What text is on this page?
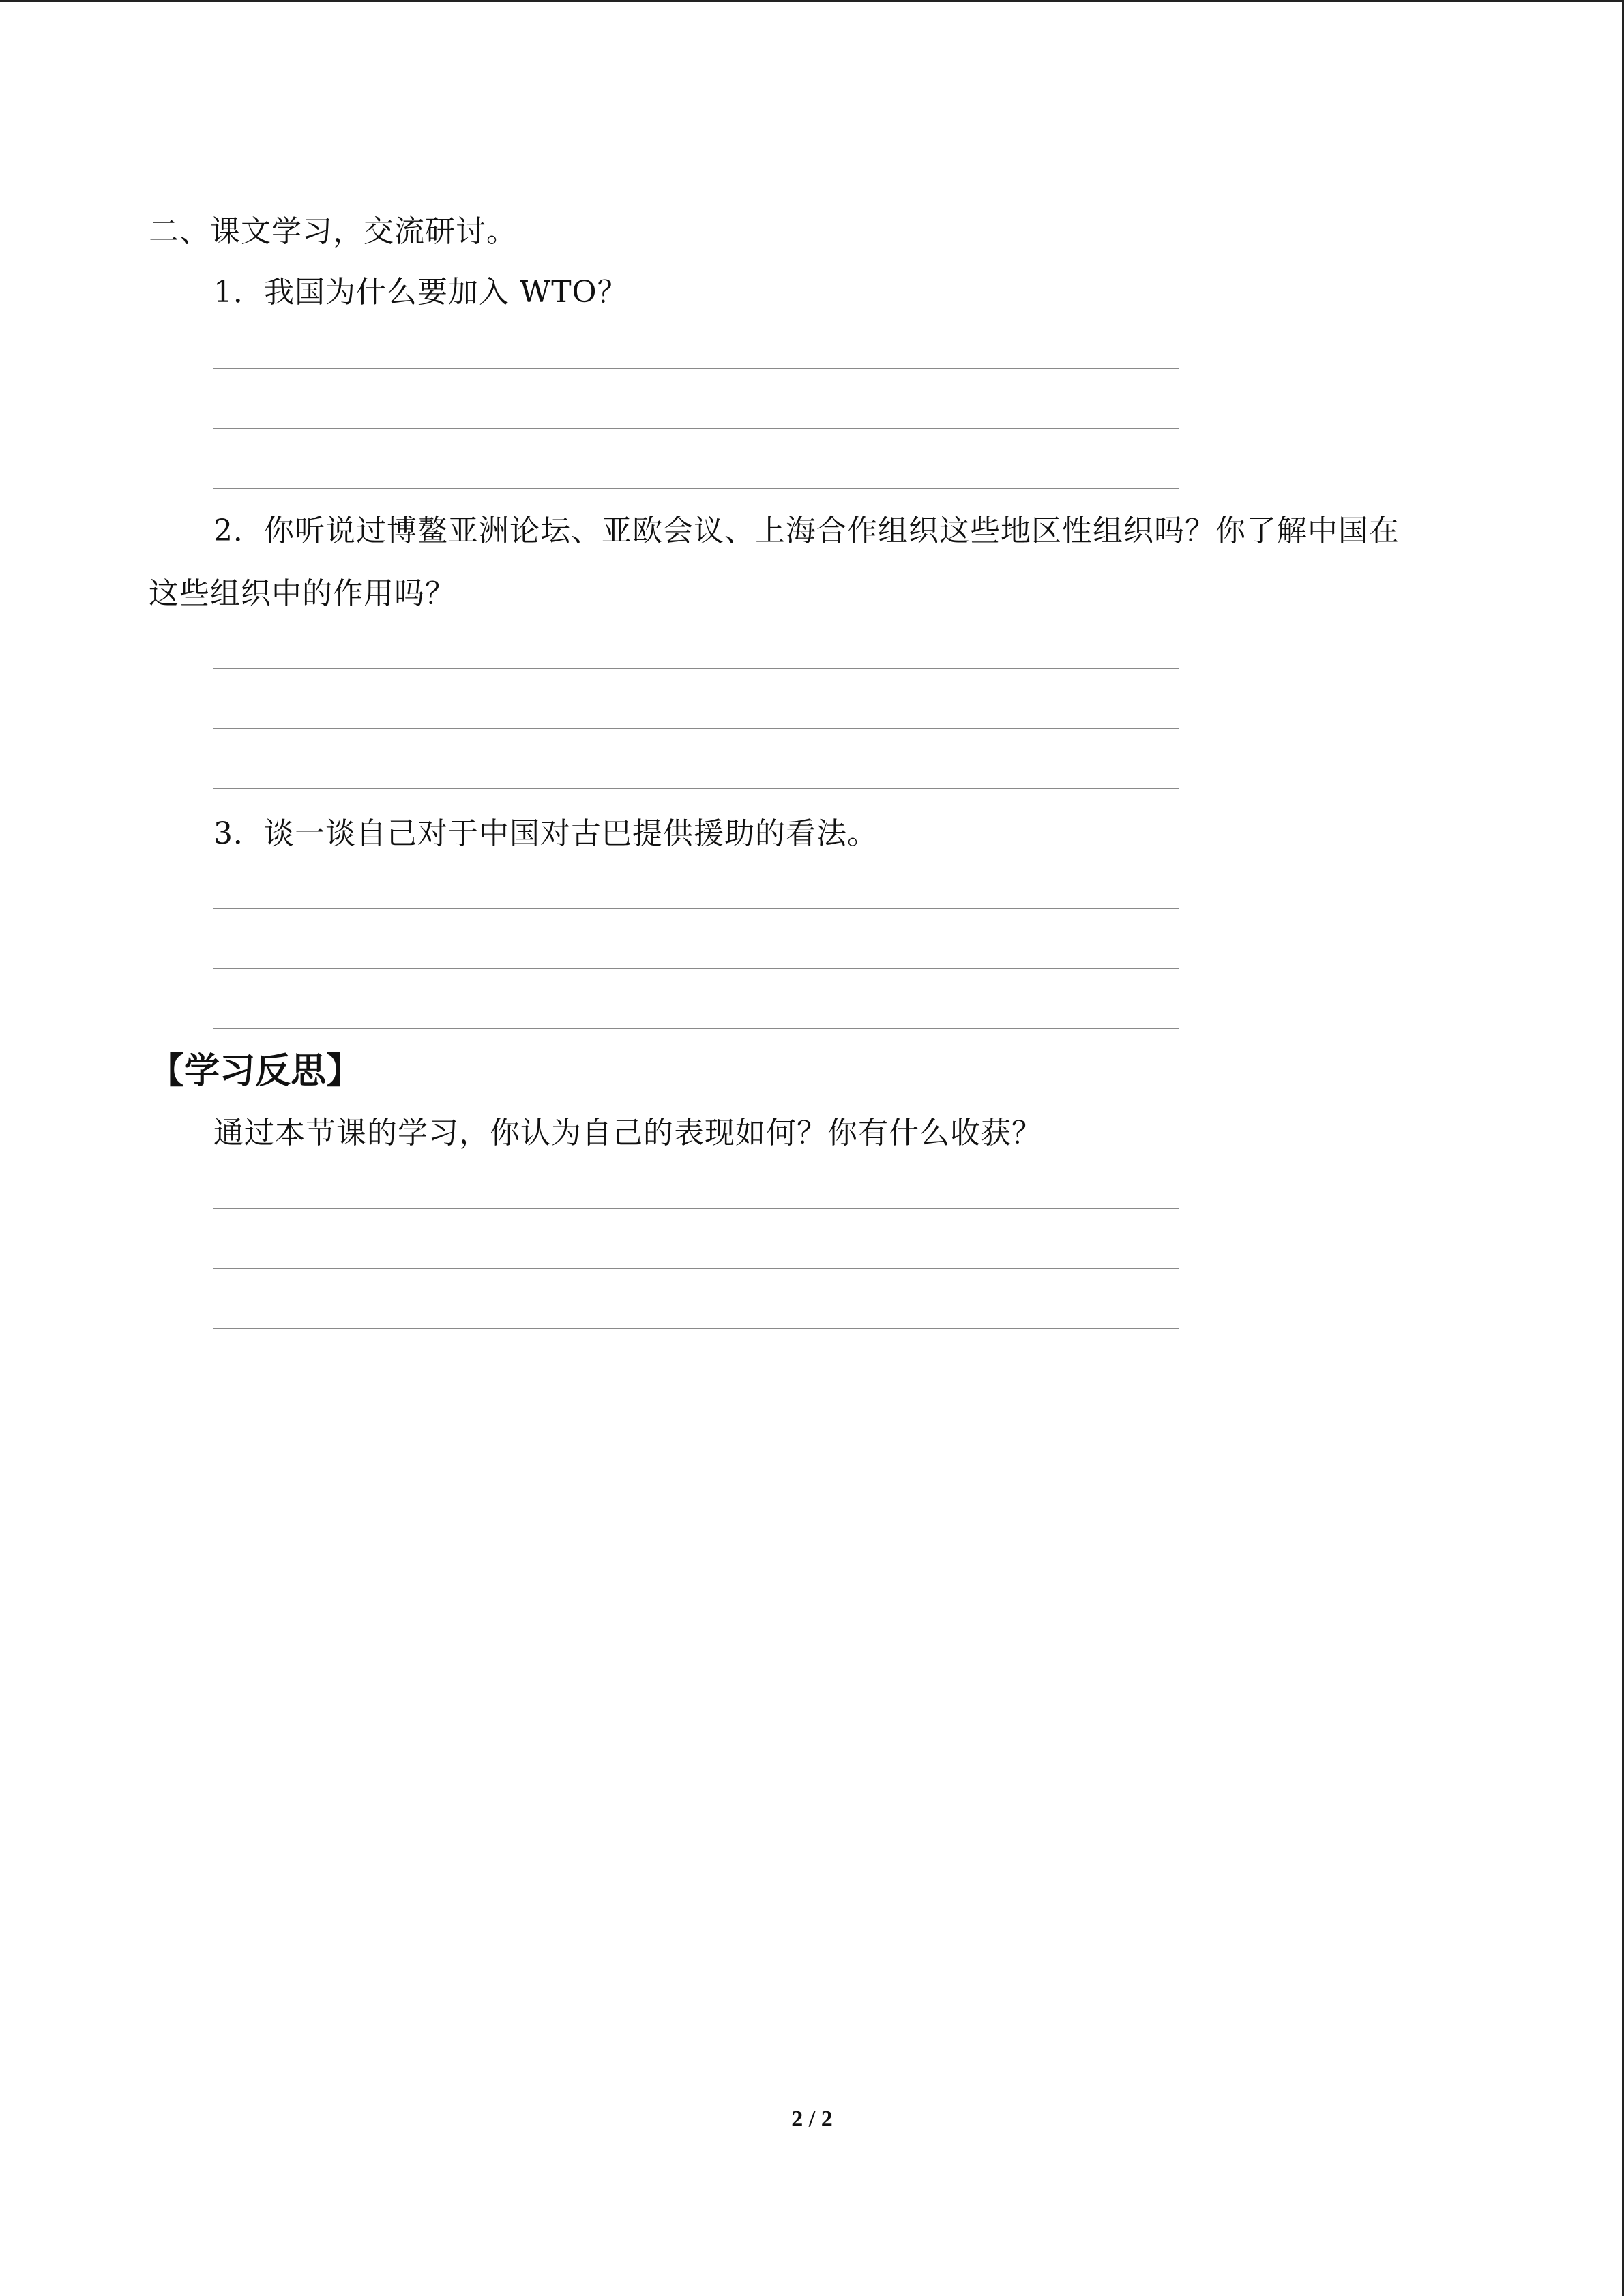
二、课文学习，交流研讨。
1．我国为什么要加入 WTO？
2．你听说过博鳌亚洲论坛、亚欧会议、上海合作组织这些地区性组织吗？你了解中国在
这些组织中的作用吗？
3．谈一谈自己对于中国对古巴提供援助的看法。
【学习反思】
通过本节课的学习，你认为自己的表现如何？你有什么收获？
2 / 2
